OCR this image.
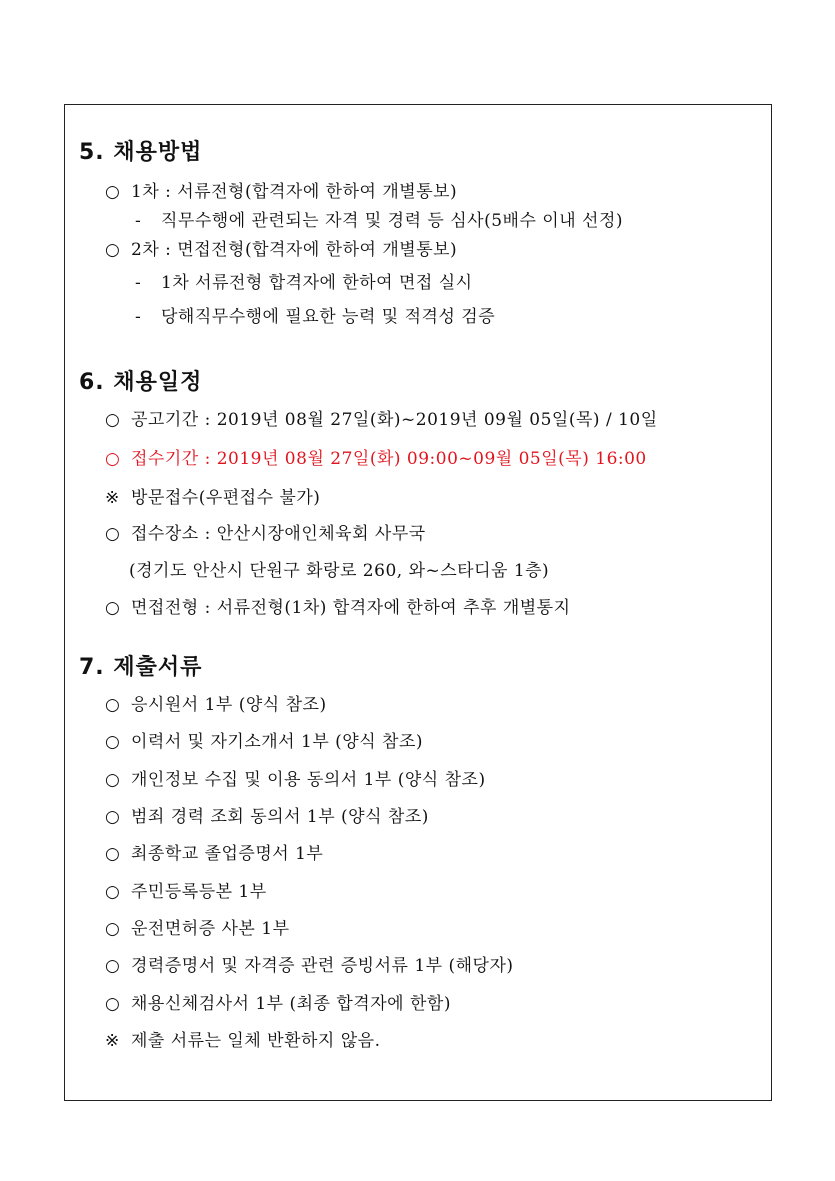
5. 채용방법
○ 1차 : 서류전형(합격자에 한하여 개별통보)
- 직무수행에 관련되는 자격 및 경력 등 심사(5배수 이내 선정)
○ 2차 : 면접전형(합격자에 한하여 개별통보)
- 1차 서류전형 합격자에 한하여 면접 실시
- 당해직무수행에 필요한 능력 및 적격성 검증
6. 채용일정
○ 공고기간 : 2019년 08월 27일(화)~2019년 09월 05일(목) / 10일
○ 접수기간 : 2019년 08월 27일(화) 09:00~09월 05일(목) 16:00
※ 방문접수(우편접수 불가)
○ 접수장소 : 안산시장애인체육회 사무국
(경기도 안산시 단원구 화랑로 260, 와~스타디움 1층)
○ 면접전형 : 서류전형(1차) 합격자에 한하여 추후 개별통지
7. 제출서류
○ 응시원서 1부 (양식 참조)
○ 이력서 및 자기소개서 1부 (양식 참조)
○ 개인정보 수집 및 이용 동의서 1부 (양식 참조)
○ 범죄 경력 조회 동의서 1부 (양식 참조)
○ 최종학교 졸업증명서 1부
○ 주민등록등본 1부
○ 운전면허증 사본 1부
○ 경력증명서 및 자격증 관련 증빙서류 1부 (해당자)
○ 채용신체검사서 1부 (최종 합격자에 한함)
※ 제출 서류는 일체 반환하지 않음.
